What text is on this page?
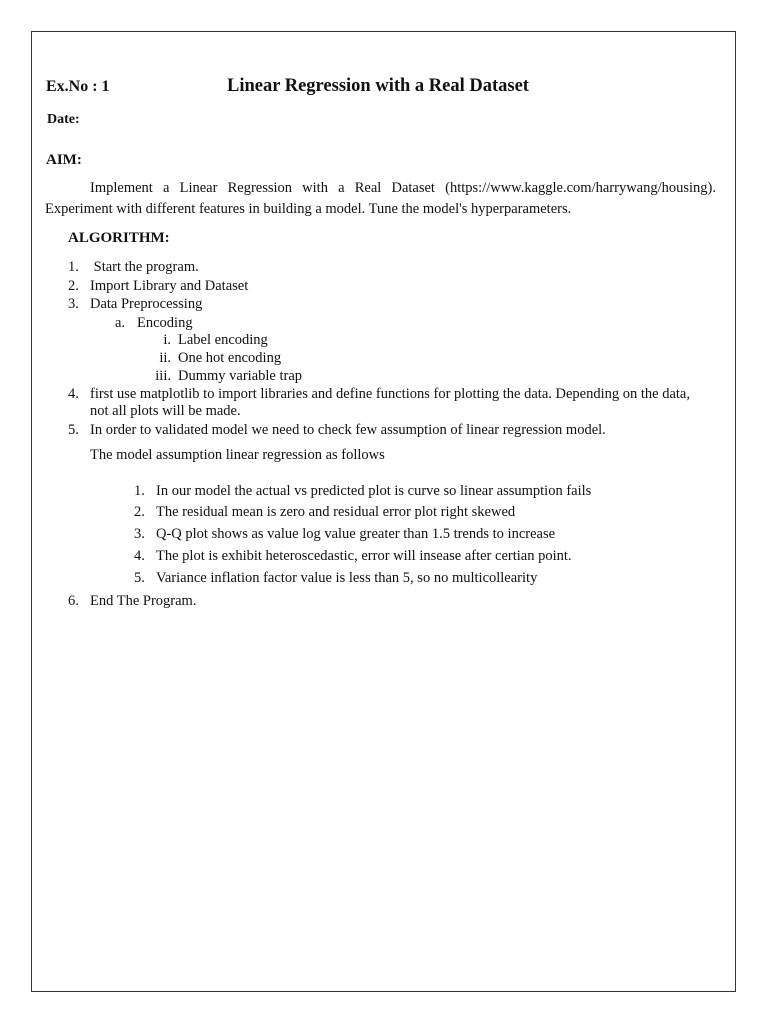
Ex.No : 1	Linear Regression with a Real Dataset
Date:
AIM:
Implement a Linear Regression with a Real Dataset (https://www.kaggle.com/harrywang/housing).
Experiment with different features in building a model. Tune the model's hyperparameters.
ALGORITHM:
1. Start the program.
2. Import Library and Dataset
3. Data Preprocessing
a. Encoding
i. Label encoding
ii. One hot encoding
iii. Dummy variable trap
4. first use matplotlib to import libraries and define functions for plotting the data. Depending on the data,
not all plots will be made.
5. In order to validated model we need to check few assumption of linear regression model.
The model assumption linear regression as follows
1. In our model the actual vs predicted plot is curve so linear assumption fails
2. The residual mean is zero and residual error plot right skewed
3. Q-Q plot shows as value log value greater than 1.5 trends to increase
4. The plot is exhibit heteroscedastic, error will insease after certian point.
5. Variance inflation factor value is less than 5, so no multicollearity
6. End The Program.
